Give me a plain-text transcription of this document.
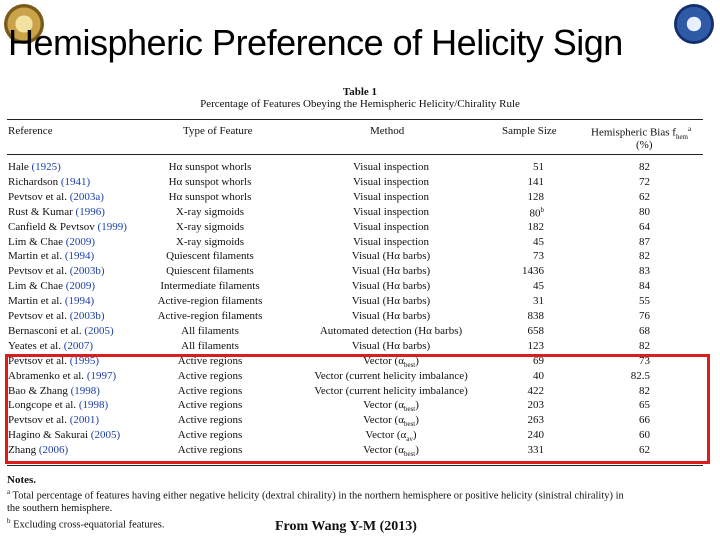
Hemispheric Preference of Helicity Sign
Table 1
Percentage of Features Obeying the Hemispheric Helicity/Chirality Rule
Reference	Type of Feature	Method	Sample Size	Hemispheric Bias $f_{hem}^a$
(%)
Hale (1925)	Hα sunspot whorls	Visual inspection	51	82
Richardson (1941)	Hα sunspot whorls	Visual inspection	141	72
Pevtsov et al. (2003a)	Hα sunspot whorls	Visual inspection	128	62
Rust & Kumar (1996)	X-ray sigmoids	Visual inspection	80$^b$	80
Canfield & Pevtsov (1999)	X-ray sigmoids	Visual inspection	182	64
Lim & Chae (2009)	X-ray sigmoids	Visual inspection	45	87
Martin et al. (1994)	Quiescent filaments	Visual (Hα barbs)	73	82
Pevtsov et al. (2003b)	Quiescent filaments	Visual (Hα barbs)	1436	83
Lim & Chae (2009)	Intermediate filaments	Visual (Hα barbs)	45	84
Martin et al. (1994)	Active-region filaments	Visual (Hα barbs)	31	55
Pevtsov et al. (2003b)	Active-region filaments	Visual (Hα barbs)	838	76
Bernasconi et al. (2005)	All filaments	Automated detection (Hα barbs)	658	68
Yeates et al. (2007)	All filaments	Visual (Hα barbs)	123	82
Pevtsov et al. (1995)	Active regions	Vector $(\alpha_{best})$	69	73
Abramenko et al. (1997)	Active regions	Vector (current helicity imbalance)	40	82.5
Bao & Zhang (1998)	Active regions	Vector (current helicity imbalance)	422	82
Longcope et al. (1998)	Active regions	Vector $(\alpha_{best})$	203	65
Pevtsov et al. (2001)	Active regions	Vector $(\alpha_{best})$	263	66
Hagino & Sakurai (2005)	Active regions	Vector $(\alpha_{av})$	240	60
Zhang (2006)	Active regions	Vector $(\alpha_{best})$	331	62
Notes.
$^a$ Total percentage of features having either negative helicity (dextral chirality) in the northern hemisphere or positive helicity (sinistral chirality) in
the southern hemisphere.
$^b$ Excluding cross-equatorial features.	From Wang Y-M (2013)
